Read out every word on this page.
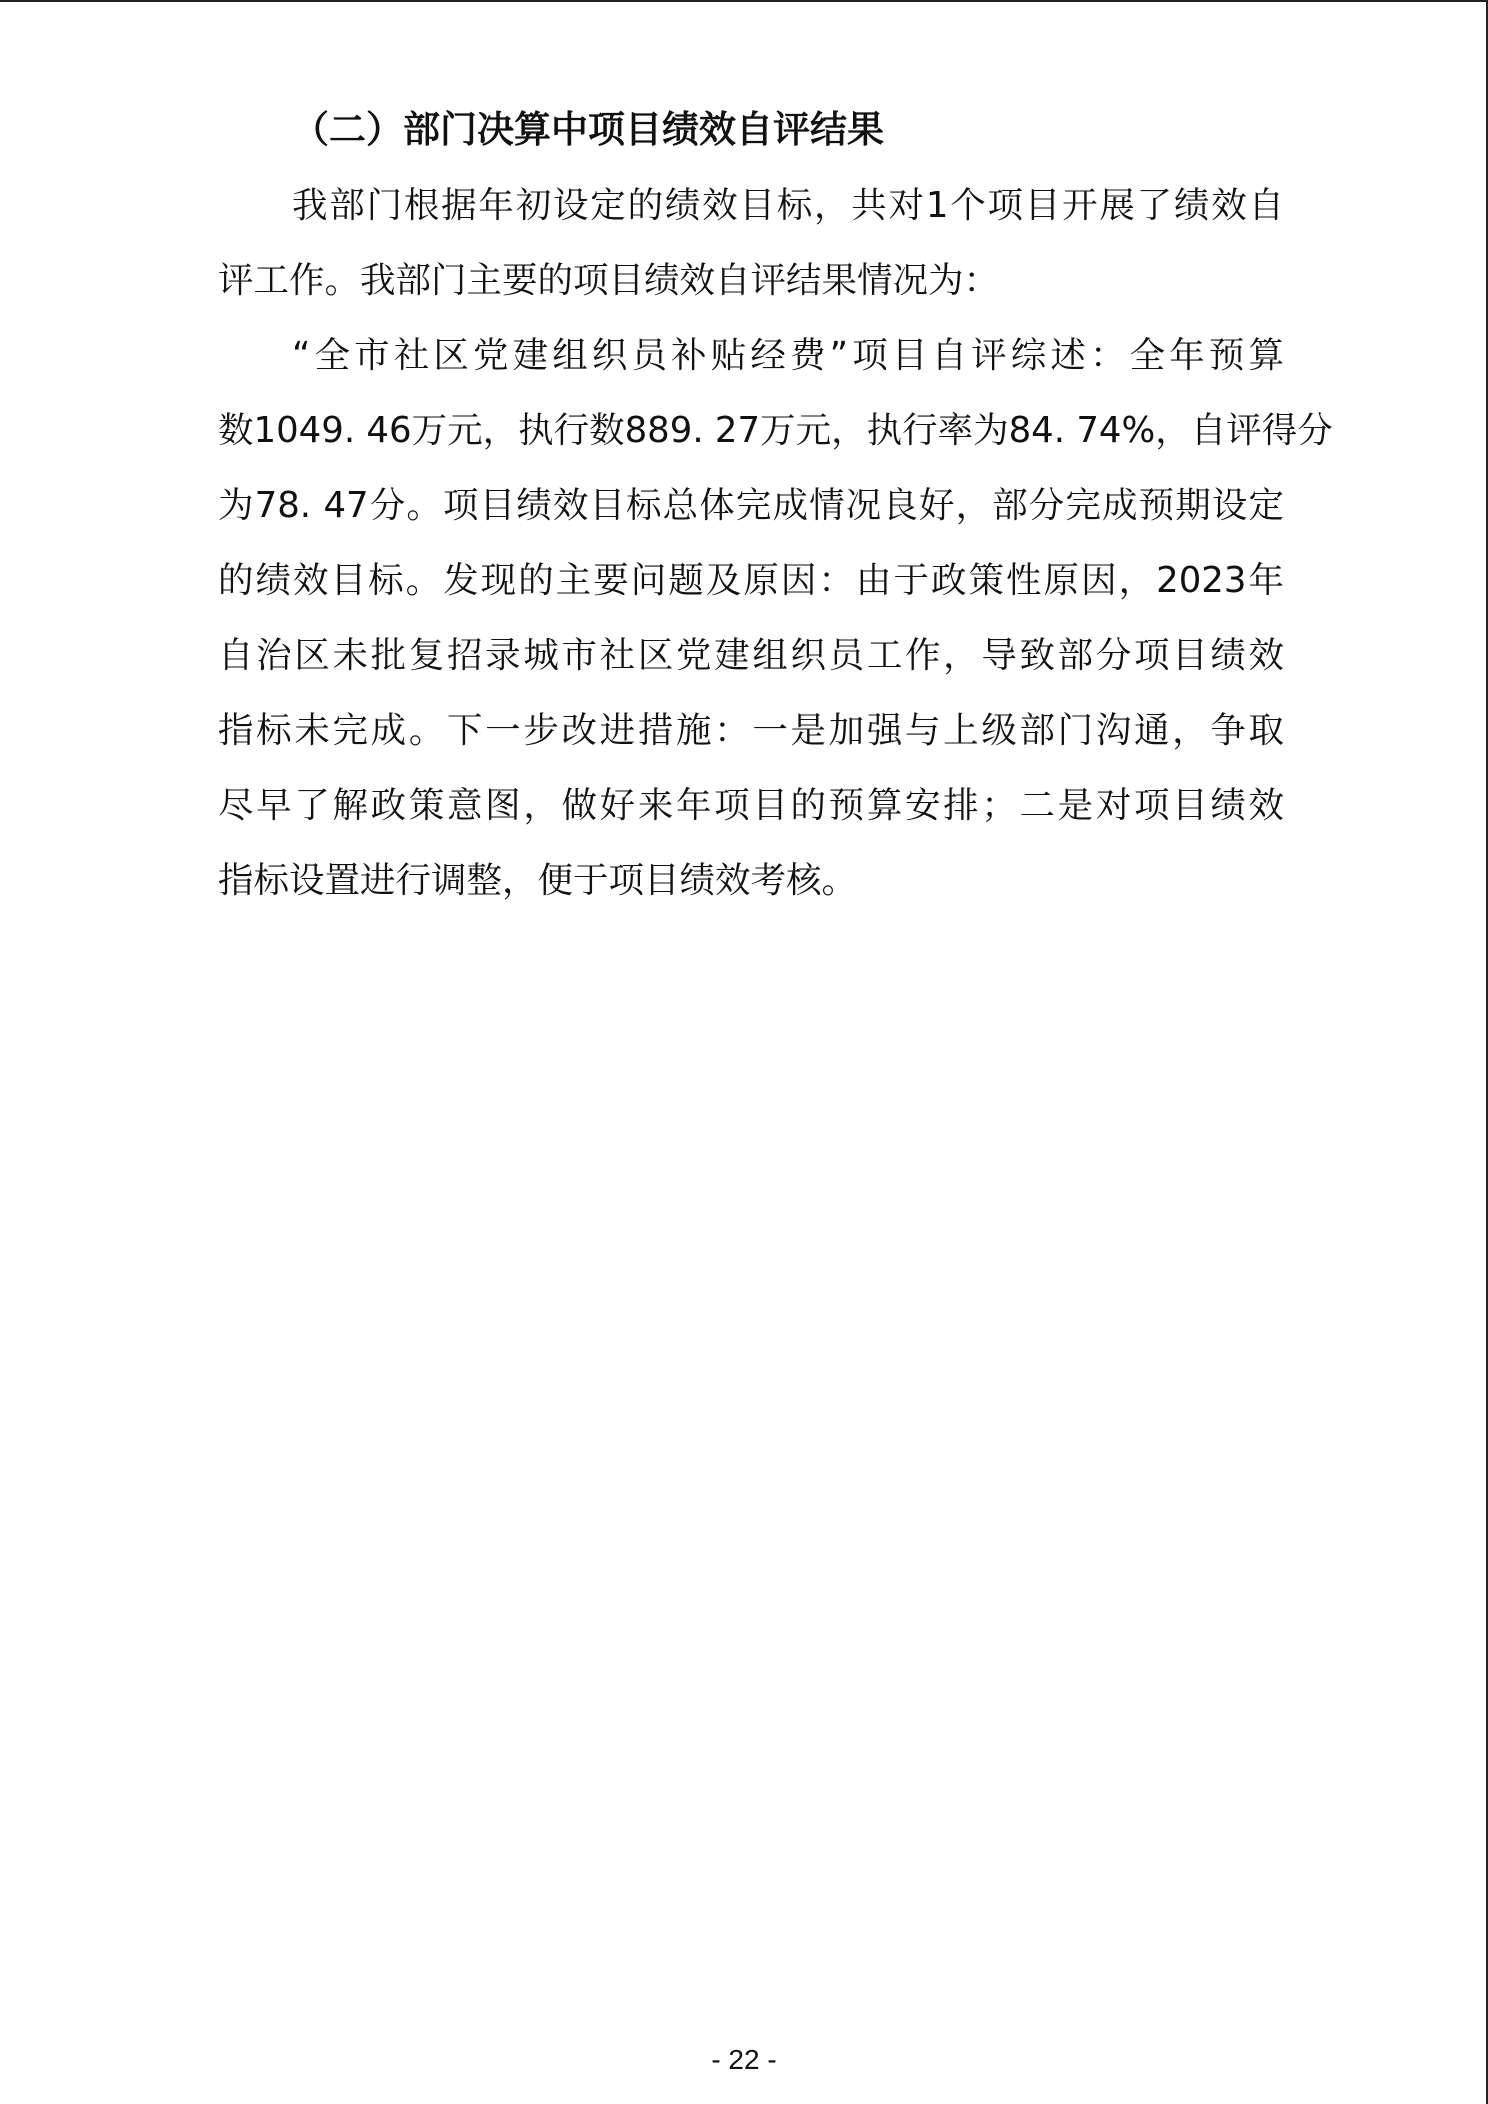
（二）部门决算中项目绩效自评结果
我部门根据年初设定的绩效目标，共对1个项目开展了绩效自
评工作。我部门主要的项目绩效自评结果情况为：
“全市社区党建组织员补贴经费”项目自评综述：全年预算
数1049. 46万元，执行数889. 27万元，执行率为84. 74%，自评得分
为78. 47分。项目绩效目标总体完成情况良好，部分完成预期设定
的绩效目标。发现的主要问题及原因：由于政策性原因，2023年
自治区未批复招录城市社区党建组织员工作，导致部分项目绩效
指标未完成。下一步改进措施：一是加强与上级部门沟通，争取
尽早了解政策意图，做好来年项目的预算安排；二是对项目绩效
指标设置进行调整，便于项目绩效考核。
- 22 -
